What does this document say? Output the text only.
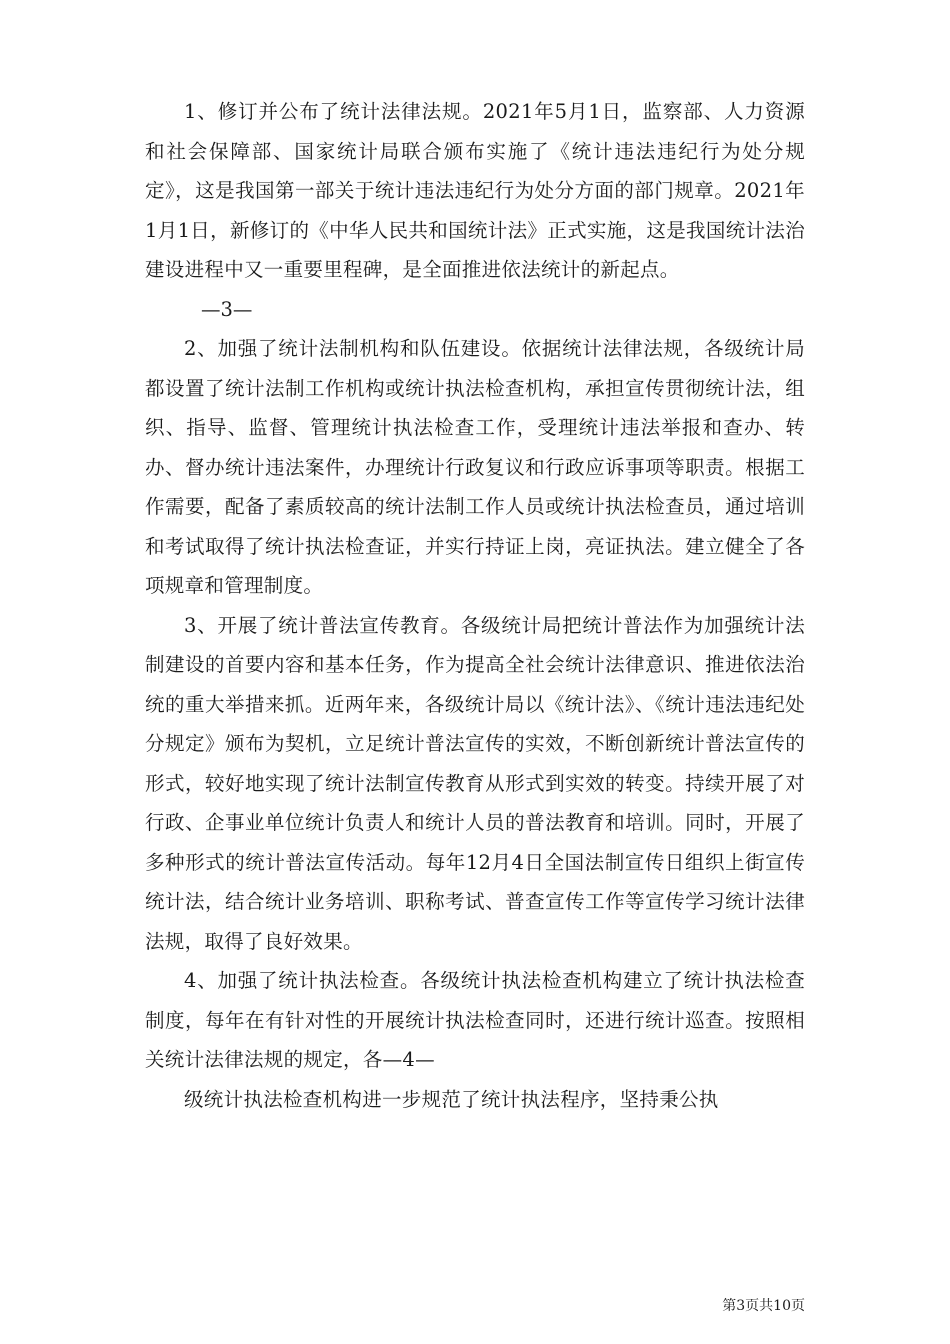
1、修订并公布了统计法律法规。2021年5月1日，监察部、人力资源和社会保障部、国家统计局联合颁布实施了《统计违法违纪行为处分规定》，这是我国第一部关于统计违法违纪行为处分方面的部门规章。2021年1月1日，新修订的《中华人民共和国统计法》正式实施，这是我国统计法治建设进程中又一重要里程碑，是全面推进依法统计的新起点。

—3—

2、加强了统计法制机构和队伍建设。依据统计法律法规，各级统计局都设置了统计法制工作机构或统计执法检查机构，承担宣传贯彻统计法，组织、指导、监督、管理统计执法检查工作，受理统计违法举报和查办、转办、督办统计违法案件，办理统计行政复议和行政应诉事项等职责。根据工作需要，配备了素质较高的统计法制工作人员或统计执法检查员，通过培训和考试取得了统计执法检查证，并实行持证上岗，亮证执法。建立健全了各项规章和管理制度。

3、开展了统计普法宣传教育。各级统计局把统计普法作为加强统计法制建设的首要内容和基本任务，作为提高全社会统计法律意识、推进依法治统的重大举措来抓。近两年来，各级统计局以《统计法》、《统计违法违纪处分规定》颁布为契机，立足统计普法宣传的实效，不断创新统计普法宣传的形式，较好地实现了统计法制宣传教育从形式到实效的转变。持续开展了对行政、企事业单位统计负责人和统计人员的普法教育和培训。同时，开展了多种形式的统计普法宣传活动。每年12月4日全国法制宣传日组织上街宣传统计法，结合统计业务培训、职称考试、普查宣传工作等宣传学习统计法律法规，取得了良好效果。

4、加强了统计执法检查。各级统计执法检查机构建立了统计执法检查制度，每年在有针对性的开展统计执法检查同时，还进行统计巡查。按照相关统计法律法规的规定，各—4—

级统计执法检查机构进一步规范了统计执法程序，坚持秉公执

第3页共10页
